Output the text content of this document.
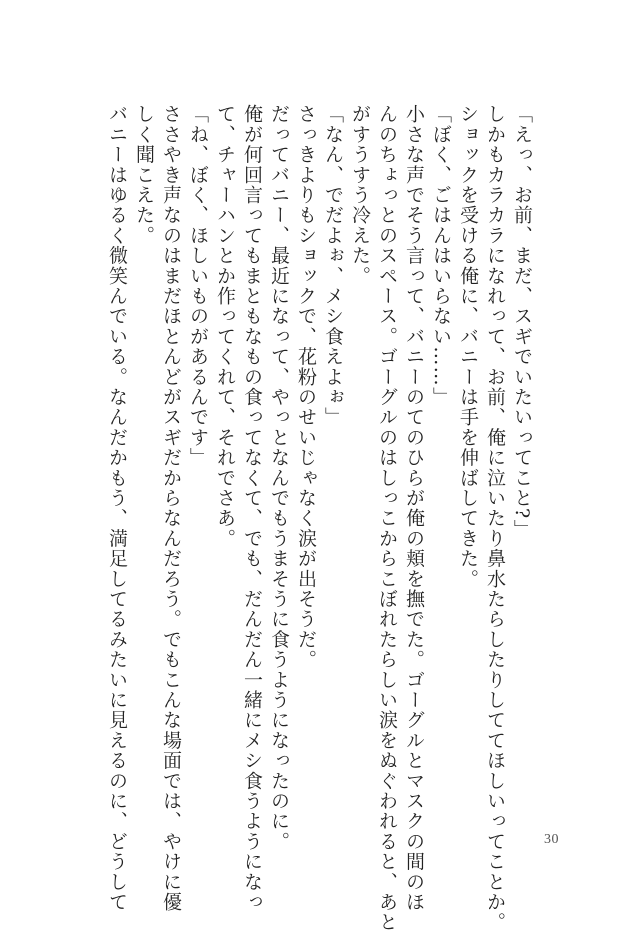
「えっ、お前、まだ、スギでいたいってこと?」

しかもカラカラになれって、お前、俺に泣いたり鼻水たらしたりしててほしいってことか。

ショックを受ける俺に、バニーは手を伸ばしてきた。

「ぼく、ごはんはいらない……」

小さな声でそう言って、バニーのてのひらが俺の頬を撫でた。ゴーグルとマスクの間のほ

んのちょっとのスペース。ゴーグルのはしっこからこぼれたらしい涙をぬぐわれると、あと

がすうすう冷えた。

「なん、でだよぉ、メシ食えよぉ」

さっきよりもショックで、花粉のせいじゃなく涙が出そうだ。

だってバニー、最近になって、やっとなんでもうまそうに食うようになったのに。

俺が何回言ってもまともなもの食ってなくて、でも、だんだん一緒にメシ食うようになっ

て、チャーハンとか作ってくれて、それでさあ。

「ね、ぼく、ほしいものがあるんです」

ささやき声なのはまだほとんどがスギだからなんだろう。でもこんな場面では、やけに優

しく聞こえた。

バニーはゆるく微笑んでいる。なんだかもう、満足してるみたいに見えるのに、どうして	30
